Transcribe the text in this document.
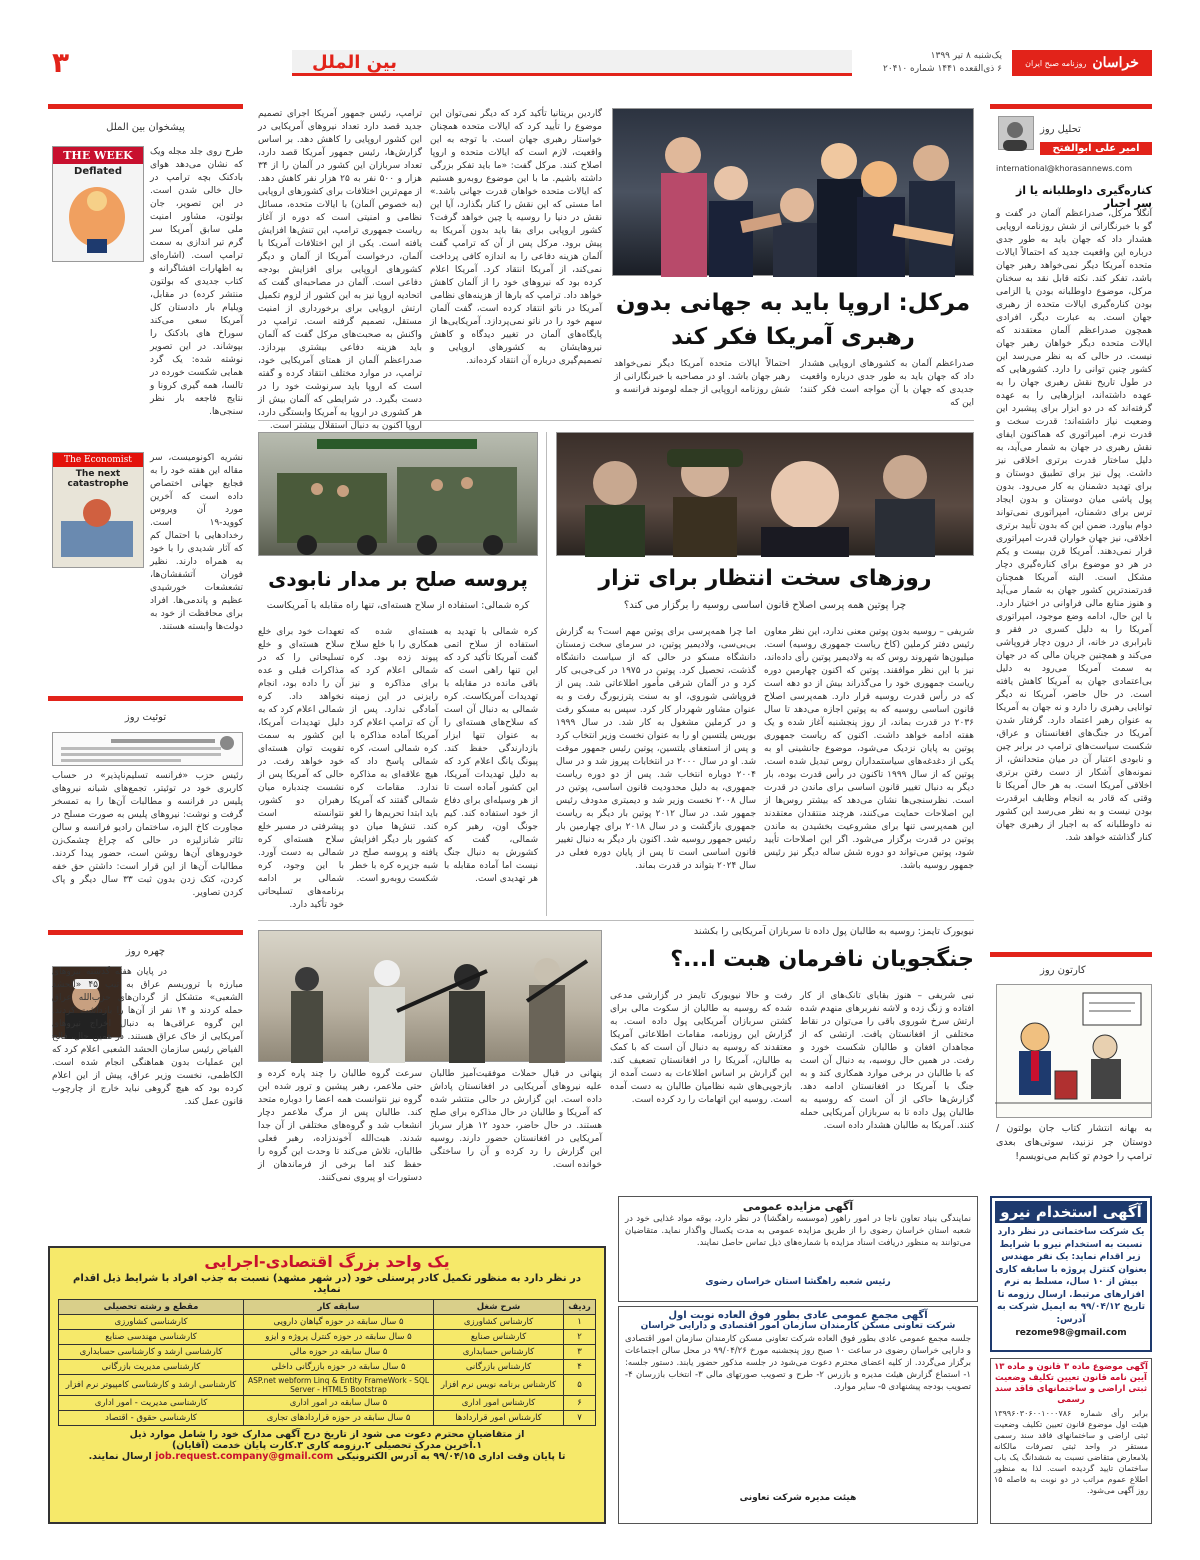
خراسان
روزنامه صبح ایران
یک‌شنبه ۸ تیر ۱۳۹۹
۶ ذی‌القعده ۱۴۴۱ شماره ۲۰۴۱۰
بین الملل
۳
تحلیل روز
امیر علی ابوالفتح
international@khorasannews.com
کناره‌گیری داوطلبانه یا از سر اجبار
آنگلا مرکل، صدراعظم آلمان در گفت و گو با خبرنگارانی از شش روزنامه اروپایی هشدار داد که جهان باید به طور جدی درباره این واقعیت جدید که احتمالاً ایالات متحده آمریکا دیگر نمی‌خواهد رهبر جهان باشد، تفکر کند. نکته قابل نقد به سخنان مرکل، موضوع داوطلبانه بودن یا الزامی بودن کناره‌گیری ایالات متحده از رهبری جهان است. به عبارت دیگر، افرادی همچون صدراعظم آلمان معتقدند که ایالات متحده دیگر خواهان رهبر جهان نیست. در حالی که به نظر می‌رسد این کشور چنین توانی را دارد. کشورهایی که در طول تاریخ نقش رهبری جهان را به عهده داشته‌اند، ابزارهایی را به عهده گرفته‌اند که در دو ابزار برای پیشبرد این وضعیت نیاز داشته‌اند: قدرت سخت و قدرت نرم. امپراتوری که هماکنون ایفای نقش رهبری در جهان به شمار می‌آید، به دلیل ساختار قدرت برتری اخلاقی نیز داشت. پول نیز برای تطبیق دوستان و برای تهدید دشمنان به کار می‌رود. بدون پول پاشی میان دوستان و بدون ایجاد ترس برای دشمنان، امپراتوری نمی‌تواند دوام بیاورد. ضمن این که بدون تأیید برتری اخلاقی، نیز جهان خواران قدرت امپراتوری قرار نمی‌دهند. آمریکا قرن بیست و یکم در هر دو موضوع برای کناره‌گیری دچار مشکل است. البته آمریکا همچنان قدرتمندترین کشور جهان به شمار می‌آید و هنوز منابع مالی فراوانی در اختیار دارد. با این حال، ادامه وضع موجود، امپراتوری آمریکا را به دلیل کسری در فقر و نابرابری در خانه، از درون دچار فروپاشی می‌کند و همچنین جریان مالی که در جهان به سمت آمریکا می‌رود به دلیل بی‌اعتمادی جهان به آمریکا کاهش یافته است. در حال حاضر، آمریکا نه دیگر توانایی رهبری را دارد و نه جهان به آمریکا به عنوان رهبر اعتماد دارد. گرفتار شدن آمریکا در جنگ‌های افغانستان و عراق، شکست سیاست‌های ترامپ در برابر چین و نابودی اعتبار آن در میان متحدانش، از نمونه‌های آشکار از دست رفتن برتری اخلاقی آمریکا است. به هر حال آمریکا تا وقتی که قادر به انجام وظایف ابرقدرت بودن نیست و به نظر می‌رسد این کشور نه داوطلبانه که به اجبار از رهبری جهان کنار گذاشته خواهد شد.
کارتون روز
به بهانه انتشار کتاب جان بولتون / دوستان جر نزنید، سوتی‌های بعدی ترامپ را خودم تو کتابم می‌نویسم!
مرکل: اروپا باید به جهانی بدون رهبری آمریکا فکر کند
صدراعظم آلمان به کشورهای اروپایی هشدار داد که جهان باید به طور جدی درباره واقعیت جدیدی که جهان با آن مواجه است فکر کنند؛ این که
احتمالاً ایالات متحده آمریکا دیگر نمی‌خواهد رهبر جهان باشد. او در مصاحبه با خبرنگارانی از شش روزنامه اروپایی از جمله لوموند فرانسه و
گاردین بریتانیا تأکید کرد که دیگر نمی‌توان این موضوع را تأیید کرد که ایالات متحده همچنان خواستار رهبری جهان است. با توجه به این واقعیت، لازم است که ایالات متحده و اروپا اصلاح کنند. مرکل گفت: «ما باید تفکر بزرگی داشته باشیم. ما با این موضوع روبه‌رو هستیم که ایالات متحده خواهان قدرت جهانی باشد.» اما مستی که این نقش را کنار بگذارد، آیا این نقش در دنیا را روسیه یا چین خواهد گرفت؟ کشور اروپایی برای بقا باید بدون آمریکا به پیش برود. مرکل پس از آن که ترامپ گفت آلمان هزینه دفاعی را به اندازه کافی پرداخت نمی‌کند، از آمریکا انتقاد کرد. آمریکا اعلام کرده بود که نیروهای خود را از آلمان کاهش خواهد داد. ترامپ که بارها از هزینه‌های نظامی آمریکا در ناتو انتقاد کرده است، گفت آلمان سهم خود را در ناتو نمی‌پردازد. آمریکایی‌ها از پایگاه‌های آلمان در تغییر دیدگاه و کاهش نیروهایشان به کشورهای اروپایی و تصمیم‌گیری درباره آن انتقاد کرده‌اند.
ترامپ، رئیس جمهور آمریکا اجرای تصمیم جدید قصد دارد تعداد نیروهای آمریکایی در این کشور اروپایی را کاهش دهد. بر اساس گزارش‌ها، رئیس جمهور آمریکا قصد دارد، تعداد سربازان این کشور در آلمان را از ۳۴ هزار و ۵۰۰ نفر به ۲۵ هزار نفر کاهش دهد. از مهم‌ترین اختلافات برای کشورهای اروپایی (به خصوص آلمان) با ایالات متحده، مسائل نظامی و امنیتی است که دوره از آغاز ریاست جمهوری ترامپ، این تنش‌ها افزایش یافته است. یکی از این اختلافات آمریکا با آلمان، درخواست آمریکا از آلمان و دیگر کشورهای اروپایی برای افزایش بودجه دفاعی است. آلمان در مصاحبه‌ای گفت که اتحادیه اروپا نیز به این کشور از لزوم تکمیل ارتش اروپایی برای برخورداری از امنیت مستقل، تصمیم گرفته است. ترامپ در واکنش به صحبت‌های مرکل گفت که آلمان باید هزینه دفاعی بیشتری بپردازد. صدراعظم آلمان از همتای آمریکایی خود، ترامپ، در موارد مختلف انتقاد کرده و گفته است که اروپا باید سرنوشت خود را در دست بگیرد. در شرایطی که آلمان بیش از هر کشوری در اروپا به آمریکا وابستگی دارد، اروپا اکنون به دنبال استقلال بیشتر است.
روزهای سخت انتظار برای تزار
چرا پوتین همه پرسی اصلاح قانون اساسی روسیه را برگزار می کند؟
شریفی – روسیه بدون پوتین معنی ندارد، این نظر معاون رئیس دفتر کرملین (کاخ ریاست جمهوری روسیه) است. میلیون‌ها شهروند روس که به ولادیمیر پوتین رأی داده‌اند، نیز با این نظر موافقند. پوتین که اکنون چهارمین دوره ریاست جمهوری خود را می‌گذراند بیش از دو دهه است که در رأس قدرت روسیه قرار دارد. همه‌پرسی اصلاح قانون اساسی روسیه که به پوتین اجازه می‌دهد تا سال ۲۰۳۶ در قدرت بماند، از روز پنجشنبه آغاز شده و یک هفته ادامه خواهد داشت. اکنون که ریاست جمهوری پوتین به پایان نزدیک می‌شود، موضوع جانشینی او به یکی از دغدغه‌های سیاستمداران روس تبدیل شده است. پوتین که از سال ۱۹۹۹ تاکنون در رأس قدرت بوده، بار دیگر به دنبال تغییر قانون اساسی برای ماندن در قدرت است. نظرسنجی‌ها نشان می‌دهد که بیشتر روس‌ها از این اصلاحات حمایت می‌کنند، هرچند منتقدان معتقدند این همه‌پرسی تنها برای مشروعیت بخشیدن به ماندن پوتین در قدرت برگزار می‌شود. اگر این اصلاحات تأیید شود، پوتین می‌تواند دو دوره شش ساله دیگر نیز رئیس جمهور روسیه باشد.
اما چرا همه‌پرسی برای پوتین مهم است؟ به گزارش بی‌بی‌سی، ولادیمیر پوتین، در سرمای سخت زمستان دانشگاه مسکو در حالی که از سیاست دانشگاه گذشت، تحصیل کرد. پوتین در ۱۹۷۵ در کی‌جی‌بی کار کرد و در آلمان شرقی مأمور اطلاعاتی شد. پس از فروپاشی شوروی، او به سنت پترزبورگ رفت و به عنوان مشاور شهردار کار کرد. سپس به مسکو رفت و در کرملین مشغول به کار شد. در سال ۱۹۹۹ بوریس یلتسین او را به عنوان نخست وزیر انتخاب کرد و پس از استعفای یلتسین، پوتین رئیس جمهور موقت شد. او در سال ۲۰۰۰ در انتخابات پیروز شد و در سال ۲۰۰۴ دوباره انتخاب شد. پس از دو دوره ریاست جمهوری، به دلیل محدودیت قانون اساسی، پوتین در سال ۲۰۰۸ نخست وزیر شد و دیمیتری مدودف رئیس جمهور شد. در سال ۲۰۱۲ پوتین بار دیگر به ریاست جمهوری بازگشت و در سال ۲۰۱۸ برای چهارمین بار رئیس جمهور روسیه شد. اکنون بار دیگر به دنبال تغییر قانون اساسی است تا پس از پایان دوره فعلی در سال ۲۰۲۴ بتواند در قدرت بماند.
پروسه صلح بر مدار نابودی
کره شمالی: استفاده از سلاح هسته‌ای، تنها راه مقابله با آمریکاست
کره شمالی با تهدید به استفاده از سلاح اتمی گفت آمریکا تأکید کرد که این تنها راهی است که باقی مانده در مقابله با تهدیدات آمریکاست. کره شمالی به دنبال آن است که سلاح‌های هسته‌ای را به عنوان تنها ابزار بازدارندگی حفظ کند. پیونگ یانگ اعلام کرد که به دلیل تهدیدات آمریکا، این کشور آماده است تا از هر وسیله‌ای برای دفاع از خود استفاده کند. کیم جونگ اون، رهبر کره شمالی، گفت که کشورش به دنبال جنگ نیست اما آماده مقابله با هر تهدیدی است.
هسته‌ای شده که همکاری را با خلع سلاح پیوند زده بود. کره شمالی اعلام کرد که برای مذاکره و نیز رایزنی در این زمینه آمادگی ندارد. پس از آن که ترامپ اعلام کرد آمریکا آماده مذاکره با کره شمالی است، کره شمالی پاسخ داد که هیچ علاقه‌ای به مذاکره ندارد. مقامات کره شمالی گفتند که آمریکا باید ابتدا تحریم‌ها را لغو کند. تنش‌ها میان دو کشور بار دیگر افزایش یافته و پروسه صلح در شبه جزیره کره با خطر شکست روبه‌رو است.
تعهدات خود برای خلع سلاح هسته‌ای و خلع تسلیحاتی را که در مذاکرات قبلی و عده آن را داده بود، انجام نخواهد داد. کره شمالی اعلام کرد که به دلیل تهدیدات آمریکا، این کشور به سمت تقویت توان هسته‌ای خود خواهد رفت. در حالی که آمریکا پس از نشست چندباره میان رهبران دو کشور، نتوانسته است پیشرفتی در مسیر خلع سلاح هسته‌ای کره شمالی به دست آورد. با این وجود، کره شمالی بر ادامه برنامه‌های تسلیحاتی خود تأکید دارد.
نیویورک تایمز: روسیه به طالبان پول داده تا سربازان آمریکایی را بکشند
جنگجویان نافرمان هبت ا...؟
نبی شریفی – هنوز بقایای تانک‌های از کار افتاده و زنگ زده و لاشه نفربرهای منهدم شده ارتش سرخ شوروی باقی را می‌توان در نقاط مختلفی از افغانستان یافت. ارتشی که از مجاهدان افغان و طالبان شکست خورد و رفت. در همین حال روسیه، به دنبال آن است که با طالبان در برخی موارد همکاری کند و به جنگ با آمریکا در افغانستان ادامه دهد. گزارش‌ها حاکی از آن است که روسیه به طالبان پول داده تا به سربازان آمریکایی حمله کنند. آمریکا به طالبان هشدار داده است.
رفت و حالا نیویورک تایمز در گزارشی مدعی شده که روسیه به طالبان از سکوت مالی برای کشتن سربازان آمریکایی پول داده است. به گزارش این روزنامه، مقامات اطلاعاتی آمریکا معتقدند که روسیه به دنبال آن است که با کمک به طالبان، آمریکا را در افغانستان تضعیف کند. این گزارش بر اساس اطلاعات به دست آمده از بازجویی‌های شبه نظامیان طالبان به دست آمده است. روسیه این اتهامات را رد کرده است.
پنهانی در قبال حملات موفقیت‌آمیز طالبان علیه نیروهای آمریکایی در افغانستان پاداش داده است. این گزارش در حالی منتشر شده که آمریکا و طالبان در حال مذاکره برای صلح هستند. در حال حاضر، حدود ۱۲ هزار سرباز آمریکایی در افغانستان حضور دارند. روسیه این گزارش را رد کرده و آن را ساختگی خوانده است.
سرعت گروه طالبان را چند پاره کرده و حتی ملاعمر، رهبر پیشین و ترور شده این گروه نیز نتوانست همه اعضا را دوباره متحد کند. طالبان پس از مرگ ملاعمر دچار انشعاب شد و گروه‌های مختلفی از آن جدا شدند. هبت‌الله آخوندزاده، رهبر فعلی طالبان، تلاش می‌کند تا وحدت این گروه را حفظ کند اما برخی از فرماندهان از دستورات او پیروی نمی‌کنند.
پیشخوان بین الملل
THE WEEK
Deflated
طرح روی جلد مجله ویک که نشان می‌دهد هوای بادکنک بچه ترامپ در حال خالی شدن است. در این تصویر، جان بولتون، مشاور امنیت ملی سابق آمریکا سر گرم تیر اندازی به سمت ترامپ است. (اشاره‌ای به اظهارات افشاگرانه و کتاب جدیدی که بولتون منتشر کرده) در مقابل، ویلیام بار دادستان کل آمریکا سعی می‌کند سوراخ های بادکنک را بپوشاند. در این تصویر نوشته شده: یک گرد همایی شکست خورده در تالسا، همه گیری کرونا و نتایج فاجعه بار نظر سنجی‌ها.
The Economist
The next catastrophe
نشریه اکونومیست، سر مقاله این هفته خود را به فجایع جهانی اختصاص داده است که آخرین مورد آن ویروس کووید-۱۹ است. رخدادهایی با احتمال کم که آثار شدیدی را با خود به همراه دارند. نظیر فوران آتشفشان‌ها، تشعشعات خورشیدی عظیم و پاندمی‌ها. افراد برای محافظت از خود به دولت‌ها وابسته هستند.
توئیت روز
رئیس حزب «فرانسه تسلیم‌ناپذیر» در حساب کاربری خود در توئیتر، تجمع‌های شبانه نیروهای پلیس در فرانسه و مطالبات آن‌ها را به تمسخر گرفت و نوشت: نیروهای پلیس به صورت مسلح در مجاورت کاخ الیزه، ساختمان رادیو فرانسه و سالن تئاتر شانزلیزه در حالی که چراغ چشمک‌زن خودروهای آن‌ها روشن است، حضور پیدا کردند. مطالبات آن‌ها از این قرار است: داشتن حق خفه کردن، کتک زدن بدون ثبت ۳۳ سال دیگر و پاک کردن تصاویر.
چهره روز
در پایان هفته گذشته نیروهای مبارزه با تروریسم عراق به تیپ ۴۵ «الحشد الشعبی» متشکل از گردان‌های حزب‌الله عراق حمله کردند و ۱۴ نفر از آن‌ها را بازداشت کردند. این گروه عراقی‌ها به دنبال اخراج نیروهای آمریکایی از خاک عراق هستند. در همین حال، فالح الفیاض رئیس سازمان الحشد الشعبی اعلام کرد که این عملیات بدون هماهنگی انجام شده است. الکاظمی، نخست وزیر عراق، پیش از این اعلام کرده بود که هیچ گروهی نباید خارج از چارچوب قانون عمل کند.
یک واحد بزرگ اقتصادی-اجرایی
در نظر دارد به منظور تکمیل کادر پرسنلی خود (در شهر مشهد) نسبت به جذب افراد با شرایط ذیل اقدام نماید.
ردیف	شرح شغل	سابقه کار	مقطع و رشته تحصیلی
۱	کارشناس کشاورزی	۵ سال سابقه در حوزه گیاهان دارویی	کارشناسی کشاورزی
۲	کارشناس صنایع	۵ سال سابقه در حوزه کنترل پروژه و ایزو	کارشناسی مهندسی صنایع
۳	کارشناس حسابداری	۵ سال سابقه در حوزه مالی	کارشناسی ارشد و کارشناسی حسابداری
۴	کارشناس بازرگانی	۵ سال سابقه در حوزه بازرگانی داخلی	کارشناسی مدیریت بازرگانی
۵	کارشناس برنامه نویس نرم افزار	ASP.net webform Linq & Entity FrameWork - SQL Server - HTML5 Bootstrap	کارشناسی ارشد و کارشناسی کامپیوتر نرم افزار
۶	کارشناس امور اداری	۵ سال سابقه در امور اداری	کارشناسی مدیریت - امور اداری
۷	کارشناس امور قراردادها	۵ سال سابقه در حوزه قراردادهای تجاری	کارشناسی حقوق - اقتصاد
از متقاضیان محترم دعوت می شود از تاریخ درج آگهی مدارک خود را شامل موارد ذیل
۱.آخرین مدرک تحصیلی ۲.رزومه کاری ۳.کارت پایان خدمت (آقایان)
تا پایان وقت اداری ۹۹/۰۴/۱۵ به آدرس الکترونیکی job.request.company@gmail.com ارسال نمایند.
آگهی مزایده عمومی
نمایندگی بنیاد تعاون ناجا در امور راهور (موسسه راهگشا) در نظر دارد، بوقه مواد غذایی خود در شعبه استان خراسان رضوی را از طریق مزایده عمومی به مدت یکسال واگذار نماید. متقاضیان می‌توانند به منظور دریافت اسناد مزایده با شماره‌های ذیل تماس حاصل نمایند.
رئیس شعبه راهگشا استان خراسان رضوی
آگهی مجمع عمومی عادی بطور فوق العاده نوبت اول
شرکت تعاونی مسکن کارمندان سازمان امور اقتصادی و دارایی خراسان
جلسه مجمع عمومی عادی بطور فوق العاده شرکت تعاونی مسکن کارمندان سازمان امور اقتصادی و دارایی خراسان رضوی در ساعت ۱۰ صبح روز پنجشنبه مورخ ۹۹/۰۴/۲۶ در محل سالن اجتماعات برگزار می‌گردد. از کلیه اعضای محترم دعوت می‌شود در جلسه مذکور حضور یابند. دستور جلسه: ۱- استماع گزارش هیئت مدیره و بازرس ۲- طرح و تصویب صورتهای مالی ۳- انتخاب بازرسان ۴- تصویب بودجه پیشنهادی ۵- سایر موارد.
هیئت مدیره شرکت تعاونی
آگهی استخدام نیرو
یک شرکت ساختمانی در نظر دارد نسبت به استخدام نیرو با شرایط زیر اقدام نماید: یک نفر مهندس بعنوان کنترل پروژه با سابقه کاری بیش از ۱۰ سال، مسلط به نرم افزارهای مرتبط. ارسال رزومه تا تاریخ ۹۹/۰۴/۱۲ به ایمیل شرکت به آدرس:
rezome98@gmail.com
آگهی موضوع ماده ۳ قانون و ماده ۱۳ آیین نامه قانون تعیین تکلیف وضعیت ثبتی اراضی و ساختمانهای فاقد سند رسمی
برابر رأی شماره ۱۳۹۹۶۰۳۰۶۰۰۱۰۰۰۷۸۶ هیئت اول موضوع قانون تعیین تکلیف وضعیت ثبتی اراضی و ساختمانهای فاقد سند رسمی مستقر در واحد ثبتی تصرفات مالکانه بلامعارض متقاضی نسبت به ششدانگ یک باب ساختمان تایید گردیده است. لذا به منظور اطلاع عموم مراتب در دو نوبت به فاصله ۱۵ روز آگهی می‌شود.
